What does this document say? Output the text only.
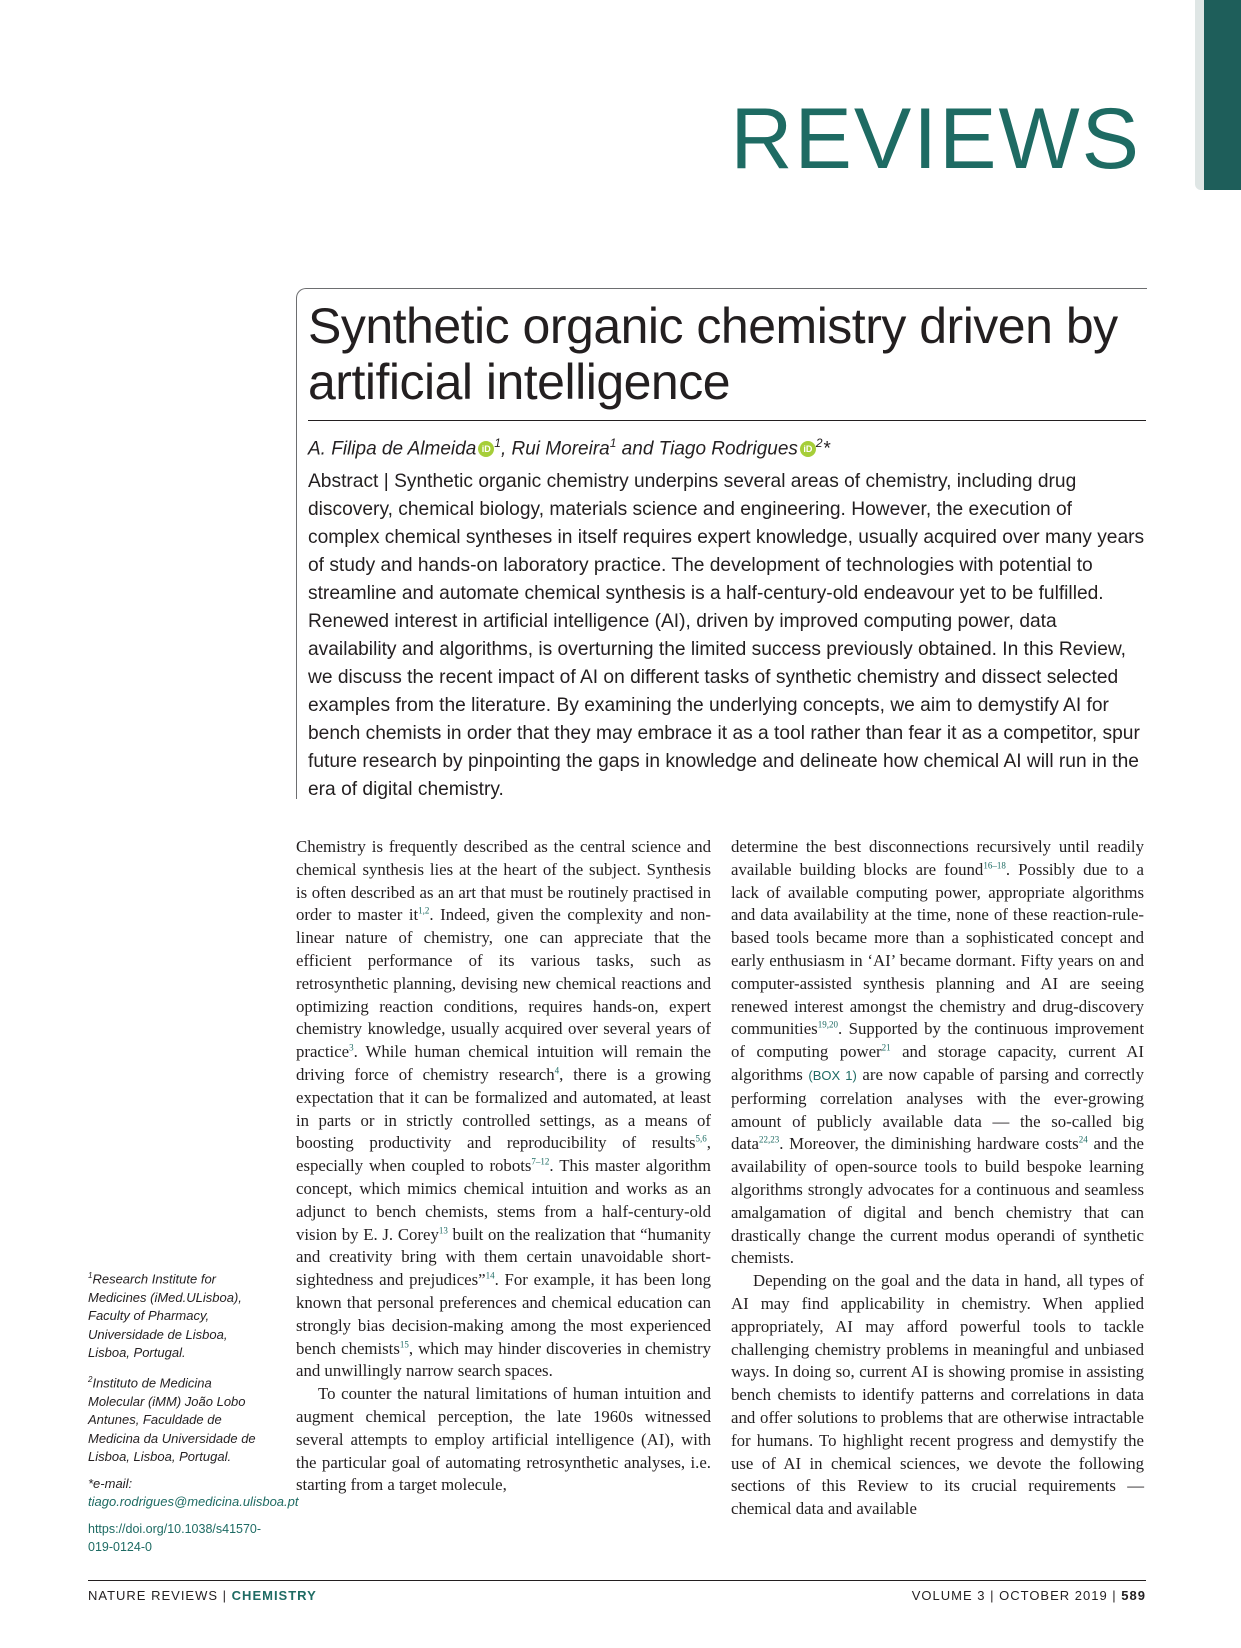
REVIEWS
Synthetic organic chemistry driven by artificial intelligence
A. Filipa de Almeida iD $^1$, Rui Moreira$^1$ and Tiago Rodrigues iD $^2$*
Abstract | Synthetic organic chemistry underpins several areas of chemistry, including drug discovery, chemical biology, materials science and engineering. However, the execution of complex chemical syntheses in itself requires expert knowledge, usually acquired over many years of study and hands-on laboratory practice. The development of technologies with potential to streamline and automate chemical synthesis is a half-century-old endeavour yet to be fulfilled. Renewed interest in artificial intelligence (AI), driven by improved computing power, data availability and algorithms, is overturning the limited success previously obtained. In this Review, we discuss the recent impact of AI on different tasks of synthetic chemistry and dissect selected examples from the literature. By examining the underlying concepts, we aim to demystify AI for bench chemists in order that they may embrace it as a tool rather than fear it as a competitor, spur future research by pinpointing the gaps in knowledge and delineate how chemical AI will run in the era of digital chemistry.

Chemistry is frequently described as the central science and chemical synthesis lies at the heart of the subject. Synthesis is often described as an art that must be routinely practised in order to master it$^{1,2}$. Indeed, given the complexity and non-linear nature of chemistry, one can appreciate that the efficient performance of its various tasks, such as retrosynthetic planning, devising new chemical reactions and optimizing reaction conditions, requires hands-on, expert chemistry knowledge, usually acquired over several years of practice$^3$. While human chemical intuition will remain the driving force of chemistry research$^4$, there is a growing expectation that it can be formalized and automated, at least in parts or in strictly controlled settings, as a means of boosting productivity and reproducibility of results$^{5,6}$, especially when coupled to robots$^{7-12}$. This master algorithm concept, which mimics chemical intuition and works as an adjunct to bench chemists, stems from a half-century-old vision by E. J. Corey$^{13}$ built on the realization that “humanity and creativity bring with them certain unavoidable short-sightedness and prejudices”$^{14}$. For example, it has been long known that personal preferences and chemical education can strongly bias decision-making among the most experienced bench chemists$^{15}$, which may hinder discoveries in chemistry and unwillingly narrow search spaces.

To counter the natural limitations of human intuition and augment chemical perception, the late 1960s witnessed several attempts to employ artificial intelligence (AI), with the particular goal of automating retrosynthetic analyses, i.e. starting from a target molecule,

determine the best disconnections recursively until readily available building blocks are found$^{16-18}$. Possibly due to a lack of available computing power, appropriate algorithms and data availability at the time, none of these reaction-rule-based tools became more than a sophisticated concept and early enthusiasm in ‘AI’ became dormant. Fifty years on and computer-assisted synthesis planning and AI are seeing renewed interest amongst the chemistry and drug-discovery communities$^{19,20}$. Supported by the continuous improvement of computing power$^{21}$ and storage capacity, current AI algorithms (BOX 1) are now capable of parsing and correctly performing correlation analyses with the ever-growing amount of publicly available data — the so-called big data$^{22,23}$. Moreover, the diminishing hardware costs$^{24}$ and the availability of open-source tools to build bespoke learning algorithms strongly advocates for a continuous and seamless amalgamation of digital and bench chemistry that can drastically change the current modus operandi of synthetic chemists.

Depending on the goal and the data in hand, all types of AI may find applicability in chemistry. When applied appropriately, AI may afford powerful tools to tackle challenging chemistry problems in meaningful and unbiased ways. In doing so, current AI is showing promise in assisting bench chemists to identify patterns and correlations in data and offer solutions to problems that are otherwise intractable for humans. To highlight recent progress and demystify the use of AI in chemical sciences, we devote the following sections of this Review to its crucial requirements — chemical data and available

$^1$Research Institute for Medicines (iMed.ULisboa), Faculty of Pharmacy, Universidade de Lisboa, Lisboa, Portugal.

$^2$Instituto de Medicina Molecular (iMM) João Lobo Antunes, Faculdade de Medicina da Universidade de Lisboa, Lisboa, Portugal.

*e-mail: tiago.rodrigues@medicina.ulisboa.pt

https://doi.org/10.1038/s41570-019-0124-0

NATURE REVIEWS | CHEMISTRY	VOLUME 3 | OCTOBER 2019 | 589
